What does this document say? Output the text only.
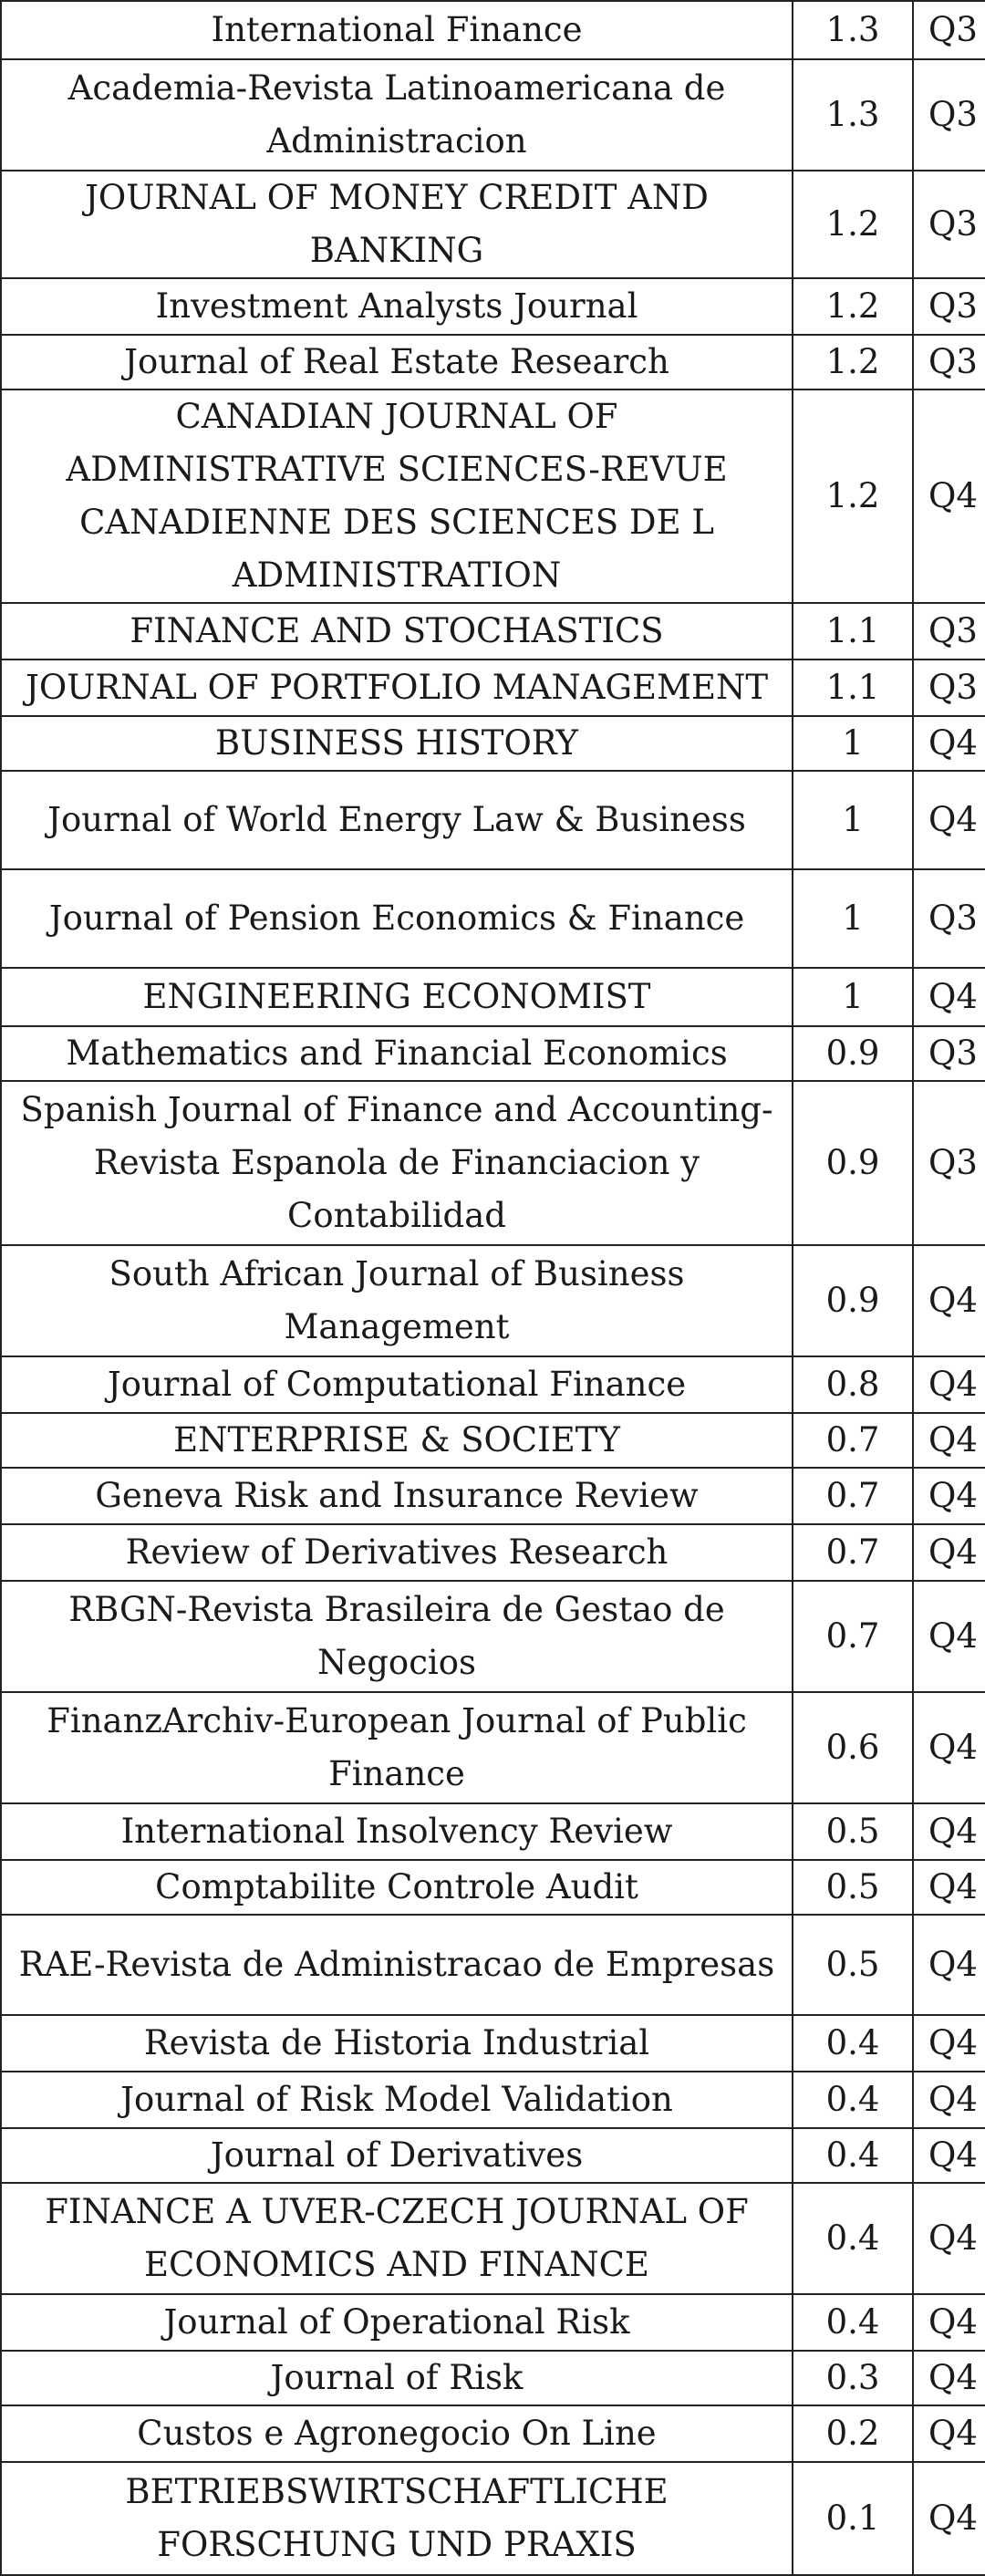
International Finance	1.3	Q3
Academia-Revista Latinoamericana de Administracion	1.3	Q3
JOURNAL OF MONEY CREDIT AND BANKING	1.2	Q3
Investment Analysts Journal	1.2	Q3
Journal of Real Estate Research	1.2	Q3
CANADIAN JOURNAL OF ADMINISTRATIVE SCIENCES-REVUE CANADIENNE DES SCIENCES DE L ADMINISTRATION	1.2	Q4
FINANCE AND STOCHASTICS	1.1	Q3
JOURNAL OF PORTFOLIO MANAGEMENT	1.1	Q3
BUSINESS HISTORY	1	Q4
Journal of World Energy Law & Business	1	Q4
Journal of Pension Economics & Finance	1	Q3
ENGINEERING ECONOMIST	1	Q4
Mathematics and Financial Economics	0.9	Q3
Spanish Journal of Finance and Accounting-Revista Espanola de Financiacion y Contabilidad	0.9	Q3
South African Journal of Business Management	0.9	Q4
Journal of Computational Finance	0.8	Q4
ENTERPRISE & SOCIETY	0.7	Q4
Geneva Risk and Insurance Review	0.7	Q4
Review of Derivatives Research	0.7	Q4
RBGN-Revista Brasileira de Gestao de Negocios	0.7	Q4
FinanzArchiv-European Journal of Public Finance	0.6	Q4
International Insolvency Review	0.5	Q4
Comptabilite Controle Audit	0.5	Q4
RAE-Revista de Administracao de Empresas	0.5	Q4
Revista de Historia Industrial	0.4	Q4
Journal of Risk Model Validation	0.4	Q4
Journal of Derivatives	0.4	Q4
FINANCE A UVER-CZECH JOURNAL OF ECONOMICS AND FINANCE	0.4	Q4
Journal of Operational Risk	0.4	Q4
Journal of Risk	0.3	Q4
Custos e Agronegocio On Line	0.2	Q4
BETRIEBSWIRTSCHAFTLICHE FORSCHUNG UND PRAXIS	0.1	Q4
